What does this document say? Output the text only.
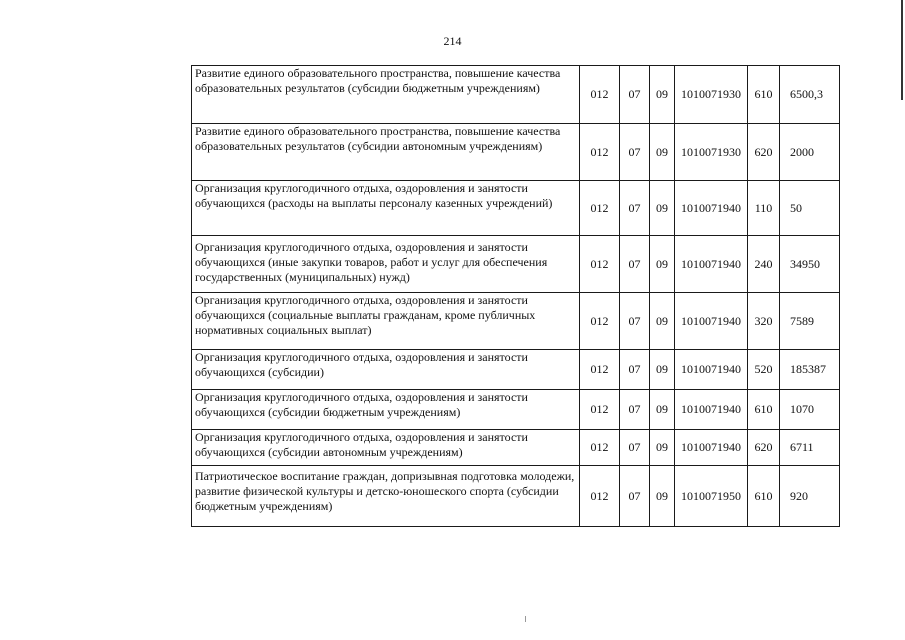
214
Развитие единого образовательного пространства, повышение качества образовательных результатов (субсидии бюджетным учреждениям)	012	07	09	1010071930	610	6500,3
Развитие единого образовательного пространства, повышение качества образовательных результатов (субсидии автономным учреждениям)	012	07	09	1010071930	620	2000
Организация круглогодичного отдыха, оздоровления и занятости обучающихся (расходы на выплаты персоналу казенных учреждений)	012	07	09	1010071940	110	50
Организация круглогодичного отдыха, оздоровления и занятости обучающихся (иные закупки товаров, работ и услуг для обеспечения государственных (муниципальных) нужд)	012	07	09	1010071940	240	34950
Организация круглогодичного отдыха, оздоровления и занятости обучающихся (социальные выплаты гражданам, кроме публичных нормативных социальных выплат)	012	07	09	1010071940	320	7589
Организация круглогодичного отдыха, оздоровления и занятости обучающихся (субсидии)	012	07	09	1010071940	520	185387
Организация круглогодичного отдыха, оздоровления и занятости обучающихся (субсидии бюджетным учреждениям)	012	07	09	1010071940	610	1070
Организация круглогодичного отдыха, оздоровления и занятости обучающихся (субсидии автономным учреждениям)	012	07	09	1010071940	620	6711
Патриотическое воспитание граждан, допризывная подготовка молодежи, развитие физической культуры и детско-юношеского спорта (субсидии бюджетным учреждениям)	012	07	09	1010071950	610	920
